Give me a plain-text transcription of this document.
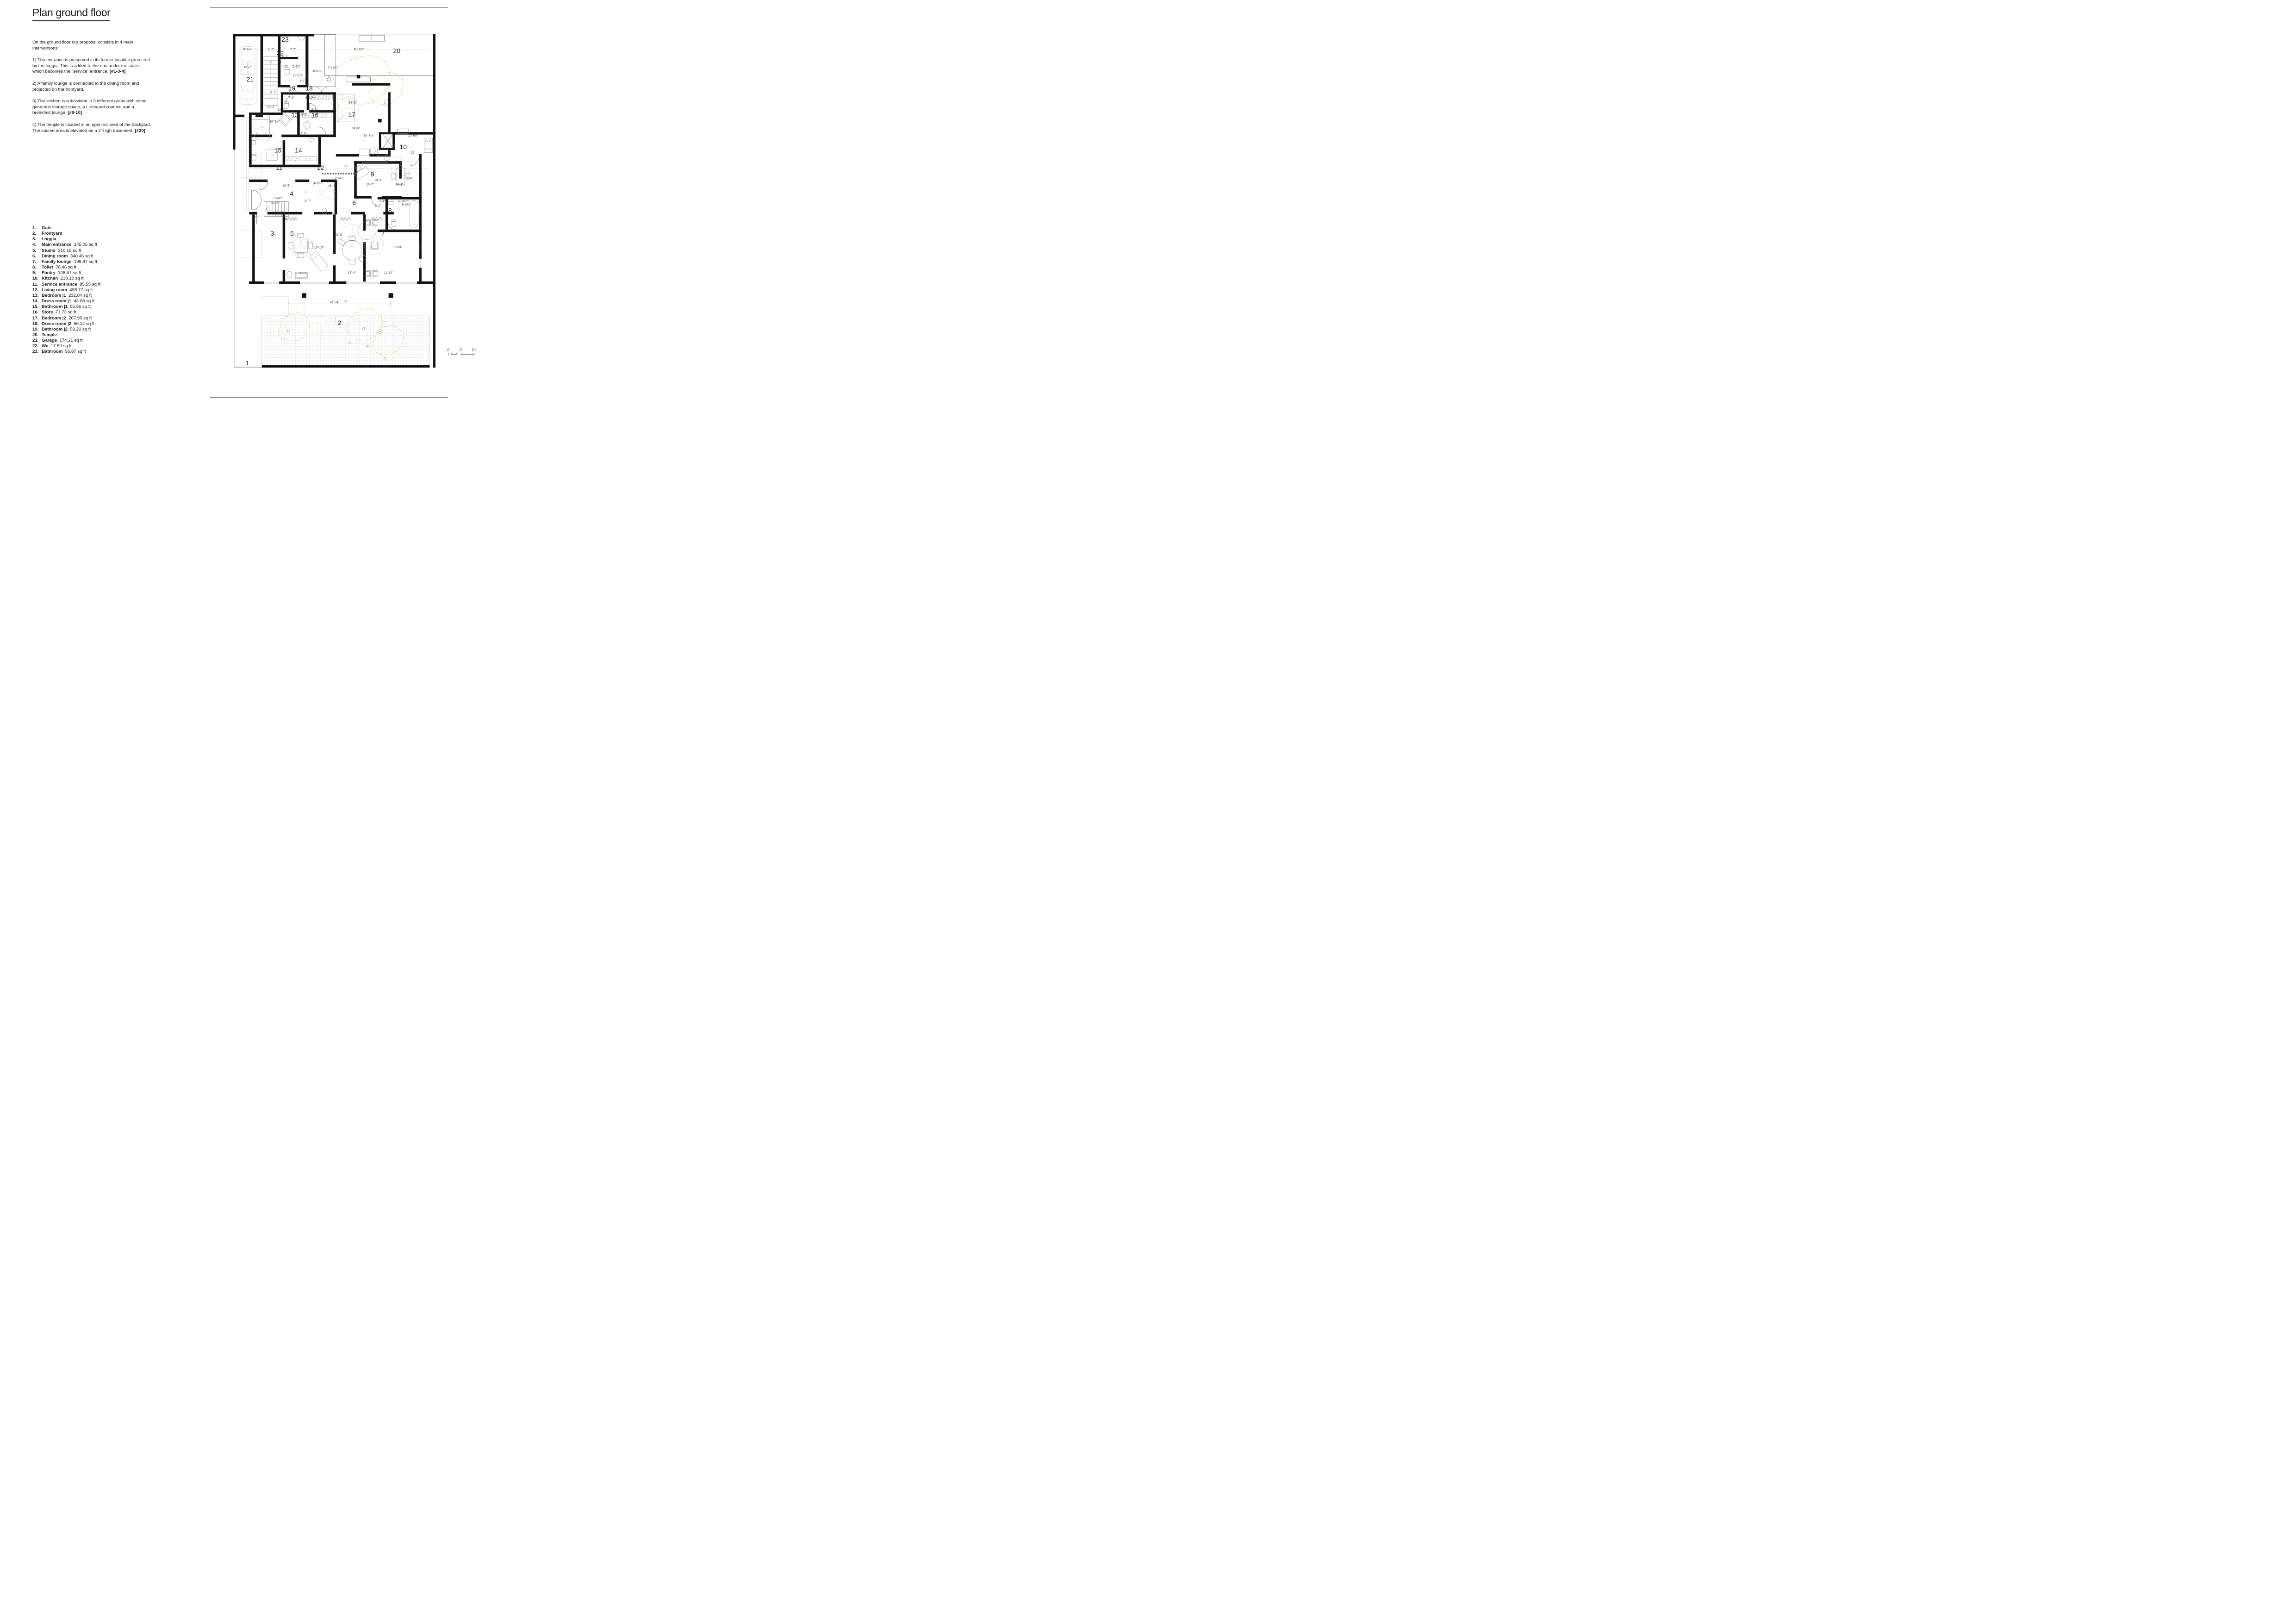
Plan ground floor

On the ground floor our proposal consists in 4 main interventions:

1) The entrance is preserved in its former location protected by the loggia. This is added to the one under the stairs, which becomes the “service” entrance. [#1-3-4]

2) A family lounge is connected to the dining room and projected on the frontyard.

3) The kitchen is subdivided in 3 different areas with some generous storage space, a L-shaped counter, and a breakfast lounge. [#9-10]

4) The temple is located in an open-air area of the backyard. The sacred area is elevated on a 2’-high basement. [#20]

1.	Gate
2.	Frontyard
3.	Loggia
4.	Main entrance 145.05 sq ft
5.	Studio 310.16 sq ft
6.	Dining room 340.46 sq ft
7.	Family lounge 198.87 sq ft
8.	Toilet 78.46 sq ft
9.	Pantry 108.47 sq ft
10. Kitchen 218.10 sq ft
11. Service entrance 85.55 sq ft
12. Living room 498.77 sq ft
13. Bedroom |1 232.84 sq ft
14. Dress room |1 43.08 sq ft
15. Bathroom |1 55.56 sq ft
16. Store 71.73 sq ft
17. Bedroom |2 267.95 sq ft
18. Dress room |2 56.14 sq ft
19. Bathroom |2 59.20 sq ft
20. Temple
21. Garage 174.21 sq ft
22. Wc 17.50 sq ft
23. Bathroom 55.87 sq ft
1
2
3
4
5
6
7
8
9
10
11 12
13
14
15
16 17
18
19
20
21
22
23
9'-4½" 3'-2" 7'-7"	8'-10½"
5'-7"
10'-8½"
9'-11½"
18'-7"
4'
4'-5" 2'-10"
21'-1½"
3'-7"
4'-9"
13'-3"
7'-3"
8'-2"
6'-10½"
12'-9"
8'-5"
6'-6"
16'-1½"
18'-2"
14'-9"
3'-2"
10'-6½"	10'-6½"
12'
26'
21'-4"
16'-3"
10'-3"
10'-7"
9'-9"
10'-2"
19'-5"
3'-4½"
7'
6'-8½"
8'-5½"
9'-7"
17'-2"
11'
5'-4"
5'-2"
8'-10½"
6'-0½"
15'-10"
21'-8"
15'-9"
18'-10"	15'-4" 11'-10"
28'-11" 7'
0 5' 10'
